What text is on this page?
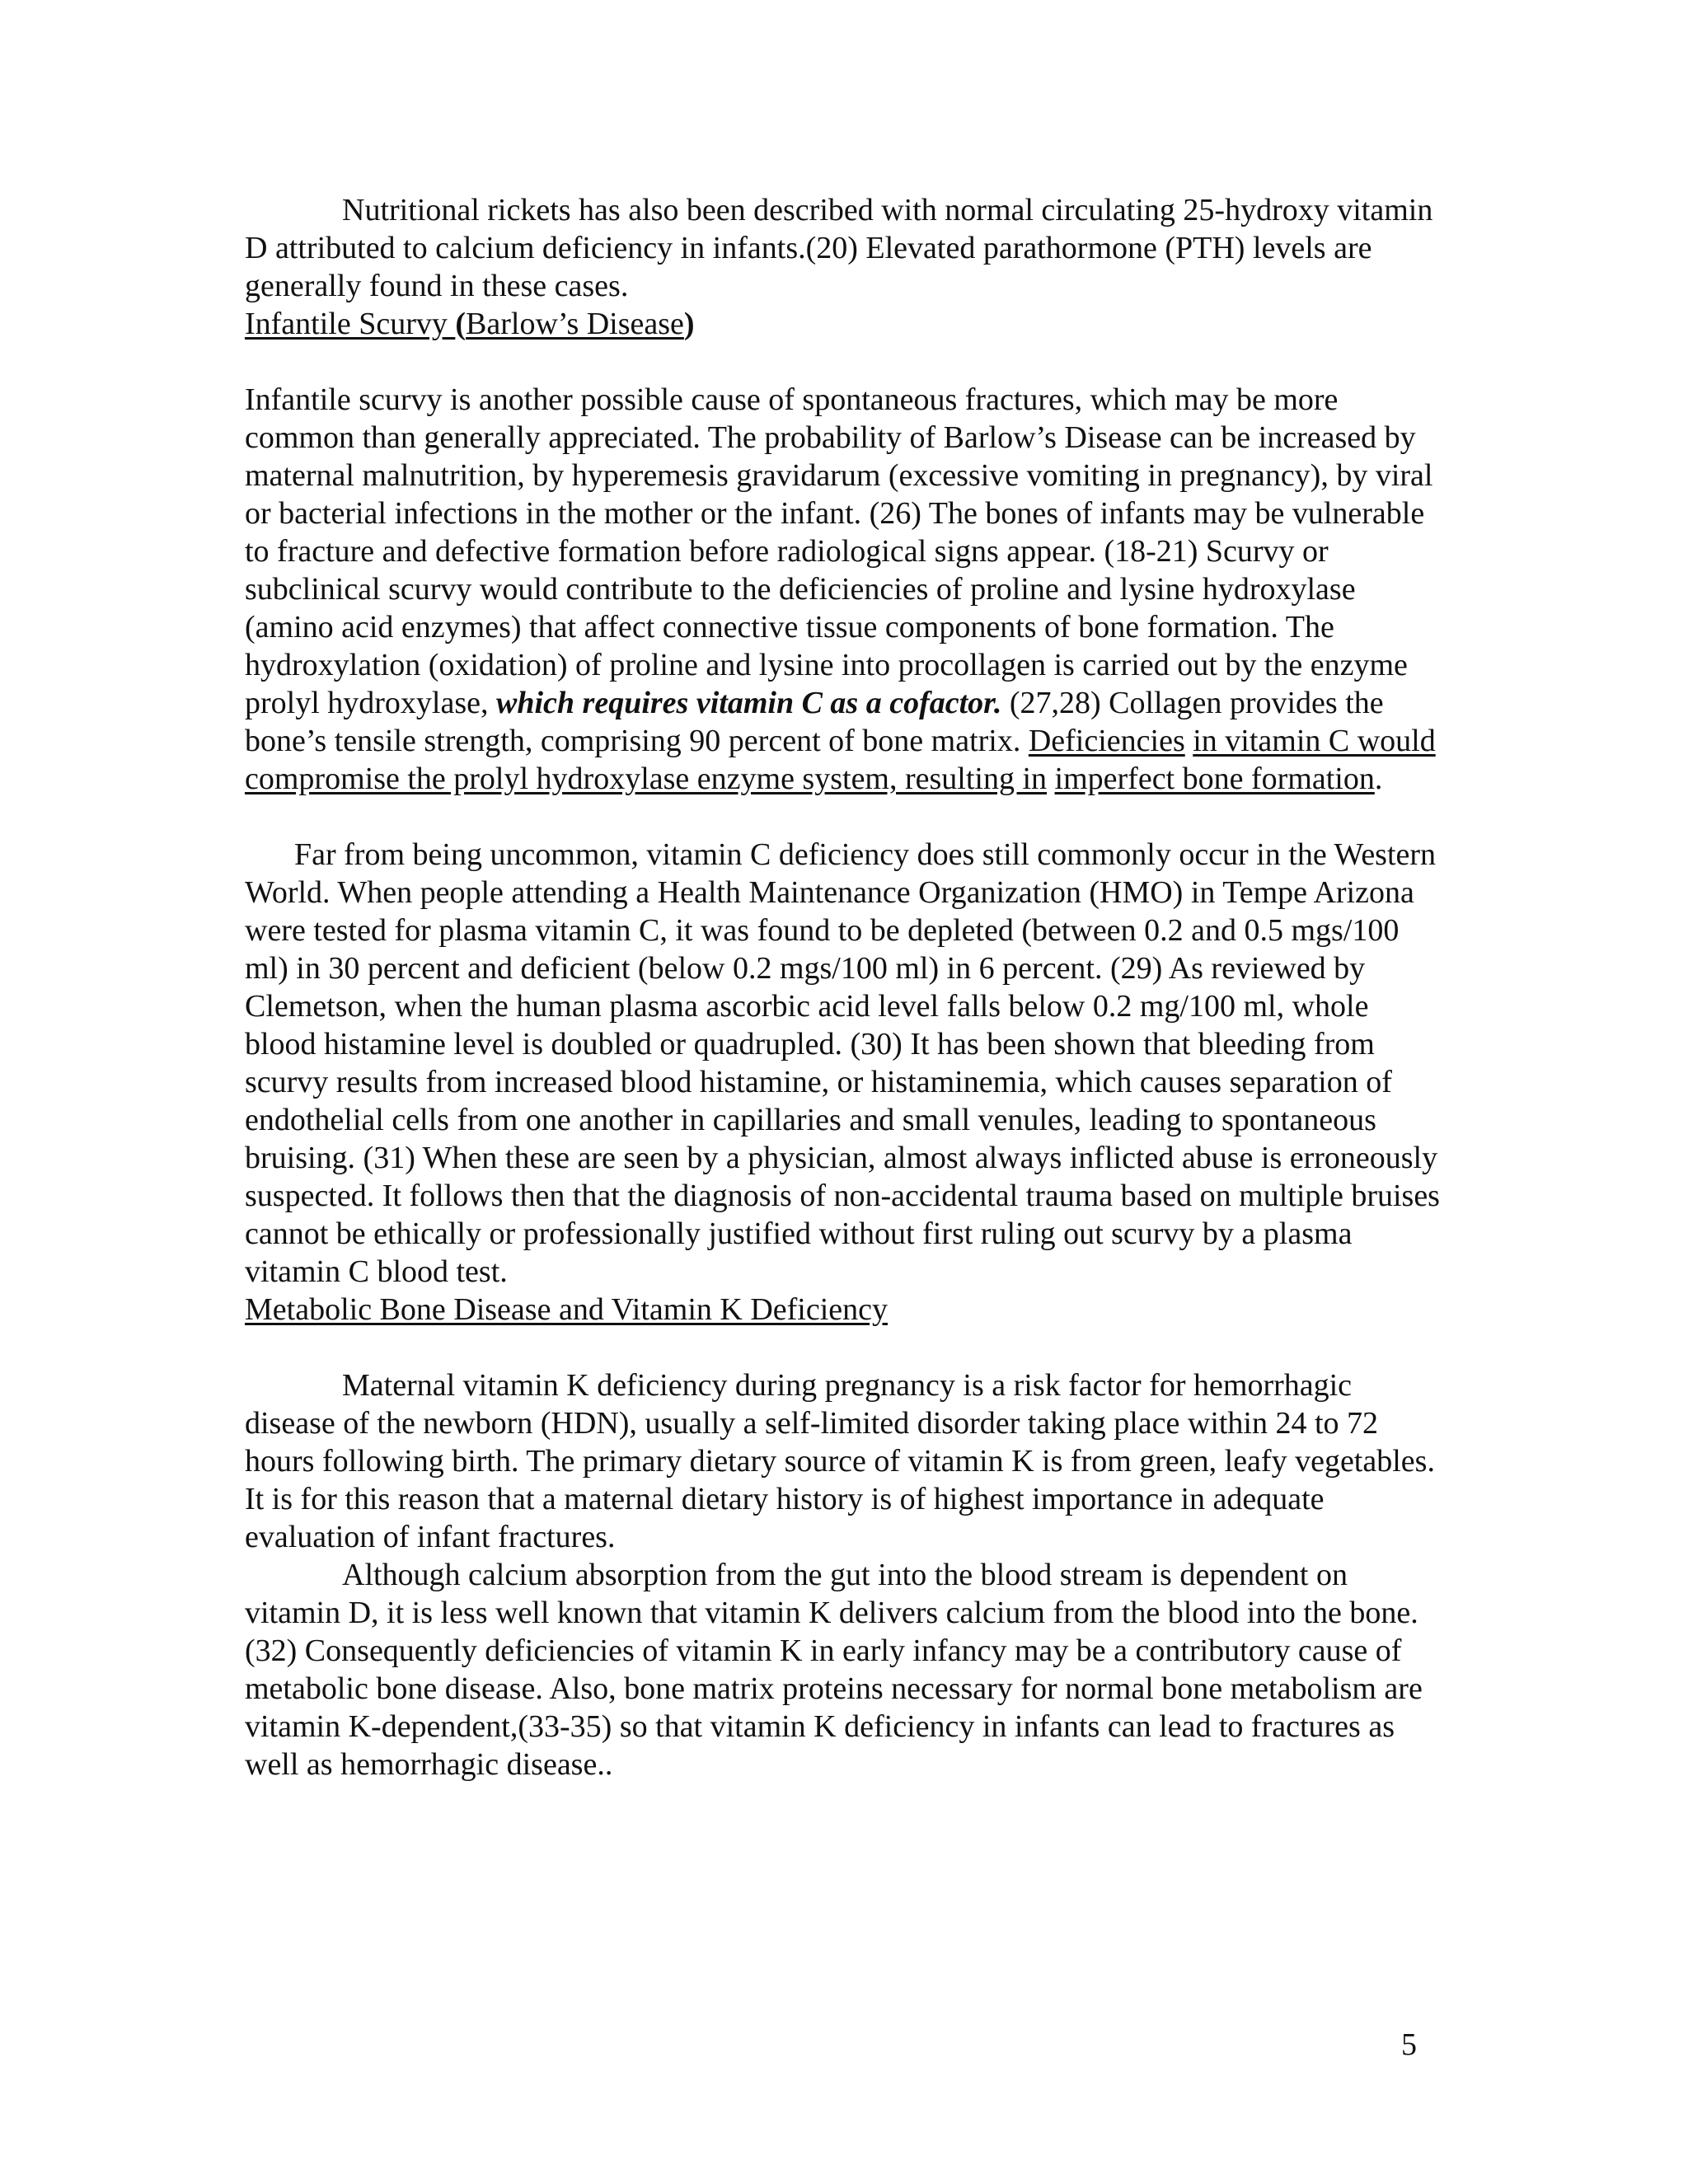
Nutritional rickets has also been described with normal circulating 25-hydroxy vitamin D attributed to calcium deficiency in infants.(20) Elevated parathormone (PTH) levels are generally found in these cases.

Infantile Scurvy (Barlow’s Disease)

Infantile scurvy is another possible cause of spontaneous fractures, which may be more common than generally appreciated. The probability of Barlow’s Disease can be increased by maternal malnutrition, by hyperemesis gravidarum (excessive vomiting in pregnancy), by viral or bacterial infections in the mother or the infant. (26) The bones of infants may be vulnerable to fracture and defective formation before radiological signs appear. (18-21) Scurvy or subclinical scurvy would contribute to the deficiencies of proline and lysine hydroxylase (amino acid enzymes) that affect connective tissue components of bone formation. The hydroxylation (oxidation) of proline and lysine into procollagen is carried out by the enzyme prolyl hydroxylase, which requires vitamin C as a cofactor. (27,28) Collagen provides the bone’s tensile strength, comprising 90 percent of bone matrix. Deficiencies in vitamin C would compromise the prolyl hydroxylase enzyme system, resulting in imperfect bone formation.

Far from being uncommon, vitamin C deficiency does still commonly occur in the Western World. When people attending a Health Maintenance Organization (HMO) in Tempe Arizona were tested for plasma vitamin C, it was found to be depleted (between 0.2 and 0.5 mgs/100 ml) in 30 percent and deficient (below 0.2 mgs/100 ml) in 6 percent. (29) As reviewed by Clemetson, when the human plasma ascorbic acid level falls below 0.2 mg/100 ml, whole blood histamine level is doubled or quadrupled. (30) It has been shown that bleeding from scurvy results from increased blood histamine, or histaminemia, which causes separation of endothelial cells from one another in capillaries and small venules, leading to spontaneous bruising. (31) When these are seen by a physician, almost always inflicted abuse is erroneously suspected. It follows then that the diagnosis of non-accidental trauma based on multiple bruises cannot be ethically or professionally justified without first ruling out scurvy by a plasma vitamin C blood test.

Metabolic Bone Disease and Vitamin K Deficiency

Maternal vitamin K deficiency during pregnancy is a risk factor for hemorrhagic disease of the newborn (HDN), usually a self-limited disorder taking place within 24 to 72 hours following birth. The primary dietary source of vitamin K is from green, leafy vegetables. It is for this reason that a maternal dietary history is of highest importance in adequate evaluation of infant fractures.

Although calcium absorption from the gut into the blood stream is dependent on vitamin D, it is less well known that vitamin K delivers calcium from the blood into the bone.(32) Consequently deficiencies of vitamin K in early infancy may be a contributory cause of metabolic bone disease. Also, bone matrix proteins necessary for normal bone metabolism are vitamin K-dependent,(33-35) so that vitamin K deficiency in infants can lead to fractures as well as hemorrhagic disease..

5
